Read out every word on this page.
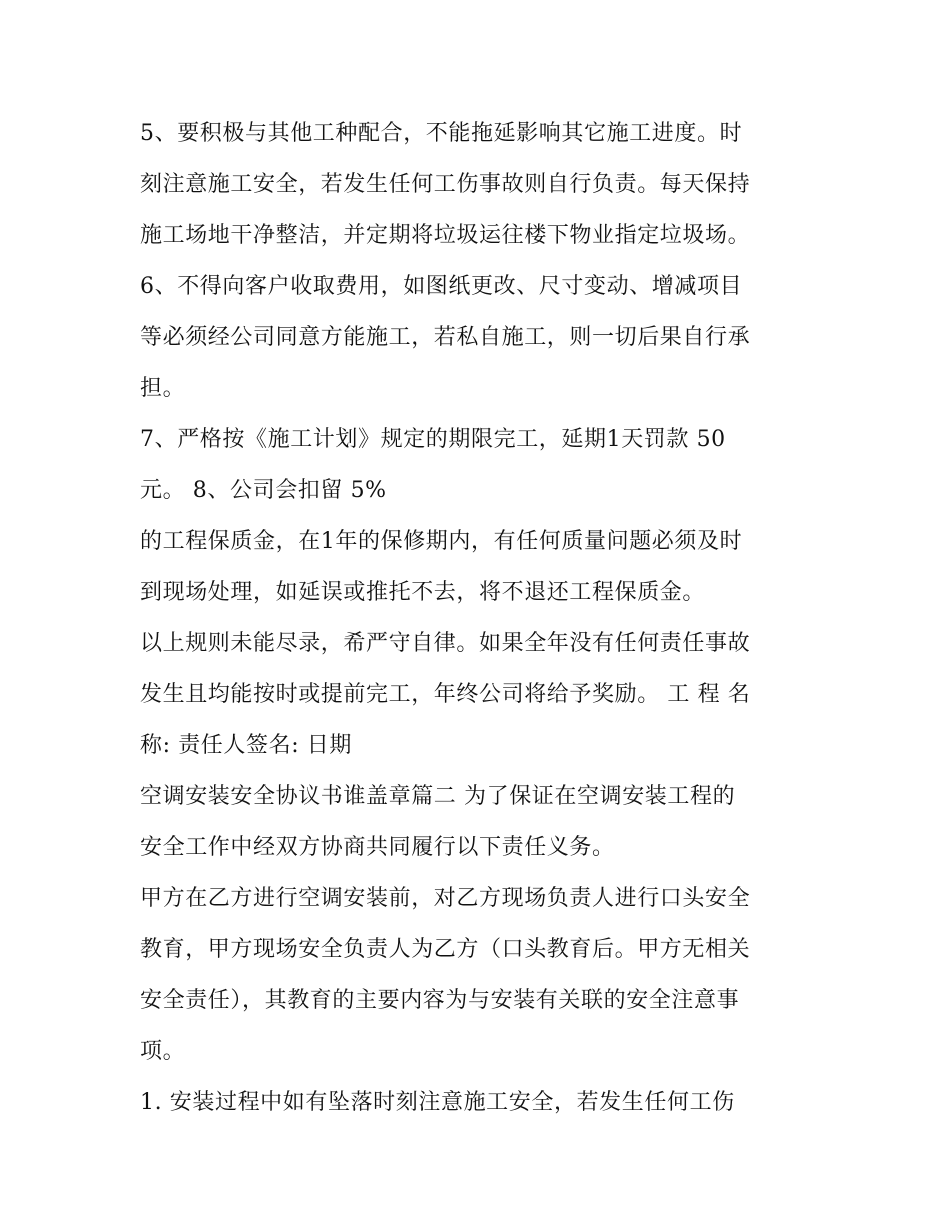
5、要积极与其他工种配合，不能拖延影响其它施工进度。时
刻注意施工安全，若发生任何工伤事故则自行负责。每天保持
施工场地干净整洁，并定期将垃圾运往楼下物业指定垃圾场。
6、不得向客户收取费用，如图纸更改、尺寸变动、增减项目
等必须经公司同意方能施工，若私自施工，则一切后果自行承
担。
7、严格按《施工计划》规定的期限完工，延期1天罚款 50
元。 8、公司会扣留 5%
的工程保质金，在1年的保修期内，有任何质量问题必须及时
到现场处理，如延误或推托不去，将不退还工程保质金。
以上规则未能尽录，希严守自律。如果全年没有任何责任事故
发生且均能按时或提前完工，年终公司将给予奖励。 工 程 名
称: 责任人签名: 日期
空调安装安全协议书谁盖章篇二 为了保证在空调安装工程的
安全工作中经双方协商共同履行以下责任义务。
甲方在乙方进行空调安装前，对乙方现场负责人进行口头安全
教育，甲方现场安全负责人为乙方（口头教育后。甲方无相关
安全责任），其教育的主要内容为与安装有关联的安全注意事
项。
1. 安装过程中如有坠落时刻注意施工安全，若发生任何工伤
